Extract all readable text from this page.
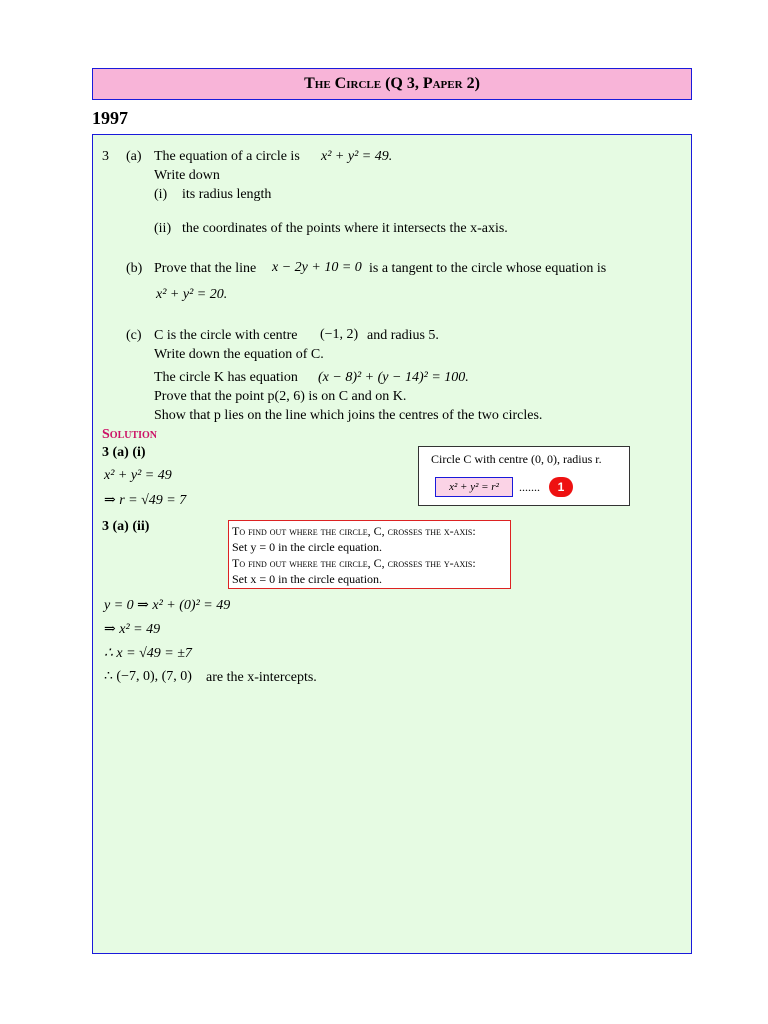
The Circle (Q 3, Paper 2)
1997
3 (a) The equation of a circle is x² + y² = 49.
Write down
(i) its radius length
(ii) the coordinates of the points where it intersects the x-axis.
(b) Prove that the line x − 2y + 10 = 0 is a tangent to the circle whose equation is
x² + y² = 20.
(c) C is the circle with centre (−1, 2) and radius 5.
Write down the equation of C.
The circle K has equation (x − 8)² + (y − 14)² = 100.
Prove that the point p(2, 6) is on C and on K.
Show that p lies on the line which joins the centres of the two circles.
Solution
3 (a) (i)
x² + y² = 49
⇒ r = √49 = 7
3 (a) (ii)
y = 0 ⇒ x² + (0)² = 49
⇒ x² = 49
∴ x = √49 = ±7
∴ (−7, 0), (7, 0) are the x-intercepts.
Circle C with centre (0, 0), radius r.
x² + y² = r²	.......	1
To find out where the circle, C, crosses the x-axis:
Set y = 0 in the circle equation.
To find out where the circle, C, crosses the y-axis:
Set x = 0 in the circle equation.
